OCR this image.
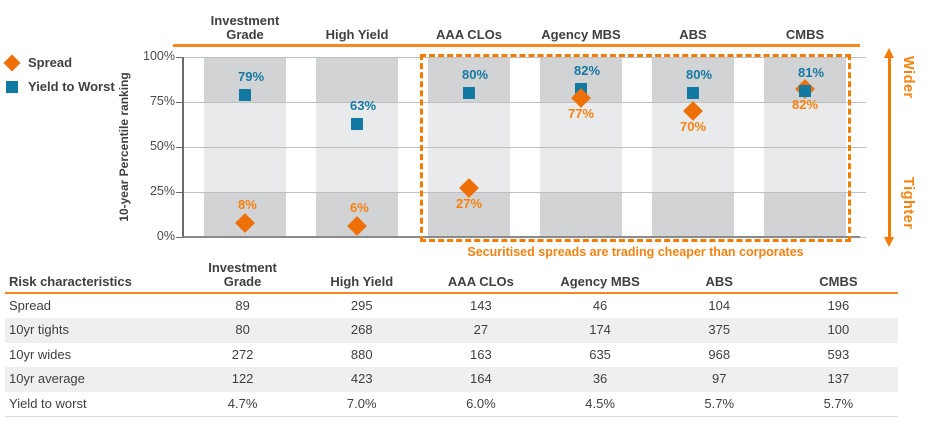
Spread
Yield to Worst 10-year Percentile ranking
Securitised spreads are trading cheaper than corporates
Wider
Tighter
100%
75%
50%
25%
0%
Investment Grade	High Yield	AAA CLOs	Agency MBS	ABS	CMBS
79%
8%
63%
6%
80%
27%
82%
77%
80%
70%
81%
82%
Risk characteristics
Investment Grade	High Yield	AAA CLOs	Agency MBS	ABS	CMBS
Spread	89	295	143	46	104	196
10yr tights	80	268	27	174	375	100
10yr wides	272	880	163	635	968	593
10yr average	122	423	164	36	97	137
Yield to worst	4.7%	7.0%	6.0%	4.5%	5.7%	5.7%
